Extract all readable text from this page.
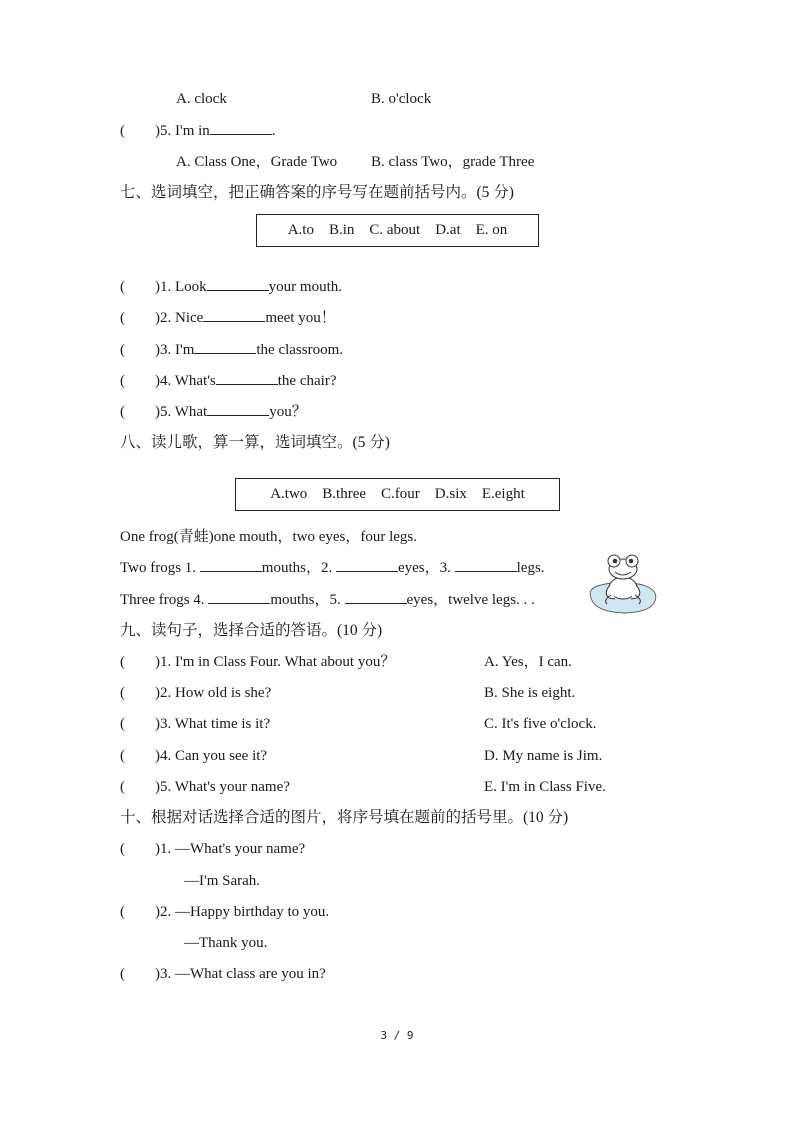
A. clock	B. o'clock
(        ) 5. I'm in	.
A. Class One，Grade Two B. class Two，grade Three
七、选词填空，把正确答案的序号写在题前括号内。(5 分)
A.to    B.in    C. about    D.at    E. on
(        ) 1. Look	your mouth.
(        ) 2. Nice	meet you！
(        ) 3. I'm	the classroom.
(        ) 4. What's	the chair?
(        ) 5. What	you？
八、读儿歌，算一算，选词填空。(5 分)
A.two    B.three    C.four    D.six    E.eight
One frog(青蛙)one mouth，two eyes，four legs.
Two frogs 1.	mouths，2.	eyes，3.	legs.
Three frogs 4.	mouths，5.	eyes，twelve legs. . .
九、读句子，选择合适的答语。(10 分)
(        ) 1. I'm in Class Four. What about you？	A. Yes，I can.
(        ) 2. How old is she?	B. She is eight.
(        ) 3. What time is it?	C. It's five o'clock.
(        ) 4. Can you see it?	D. My name is Jim.
(        ) 5. What's your name?	E. I'm in Class Five.
十、根据对话选择合适的图片，将序号填在题前的括号里。(10 分)
(        ) 1. —What's your name?
—I'm Sarah.
(        ) 2. —Happy birthday to you.
—Thank you.
(        ) 3. —What class are you in?
3 / 9
